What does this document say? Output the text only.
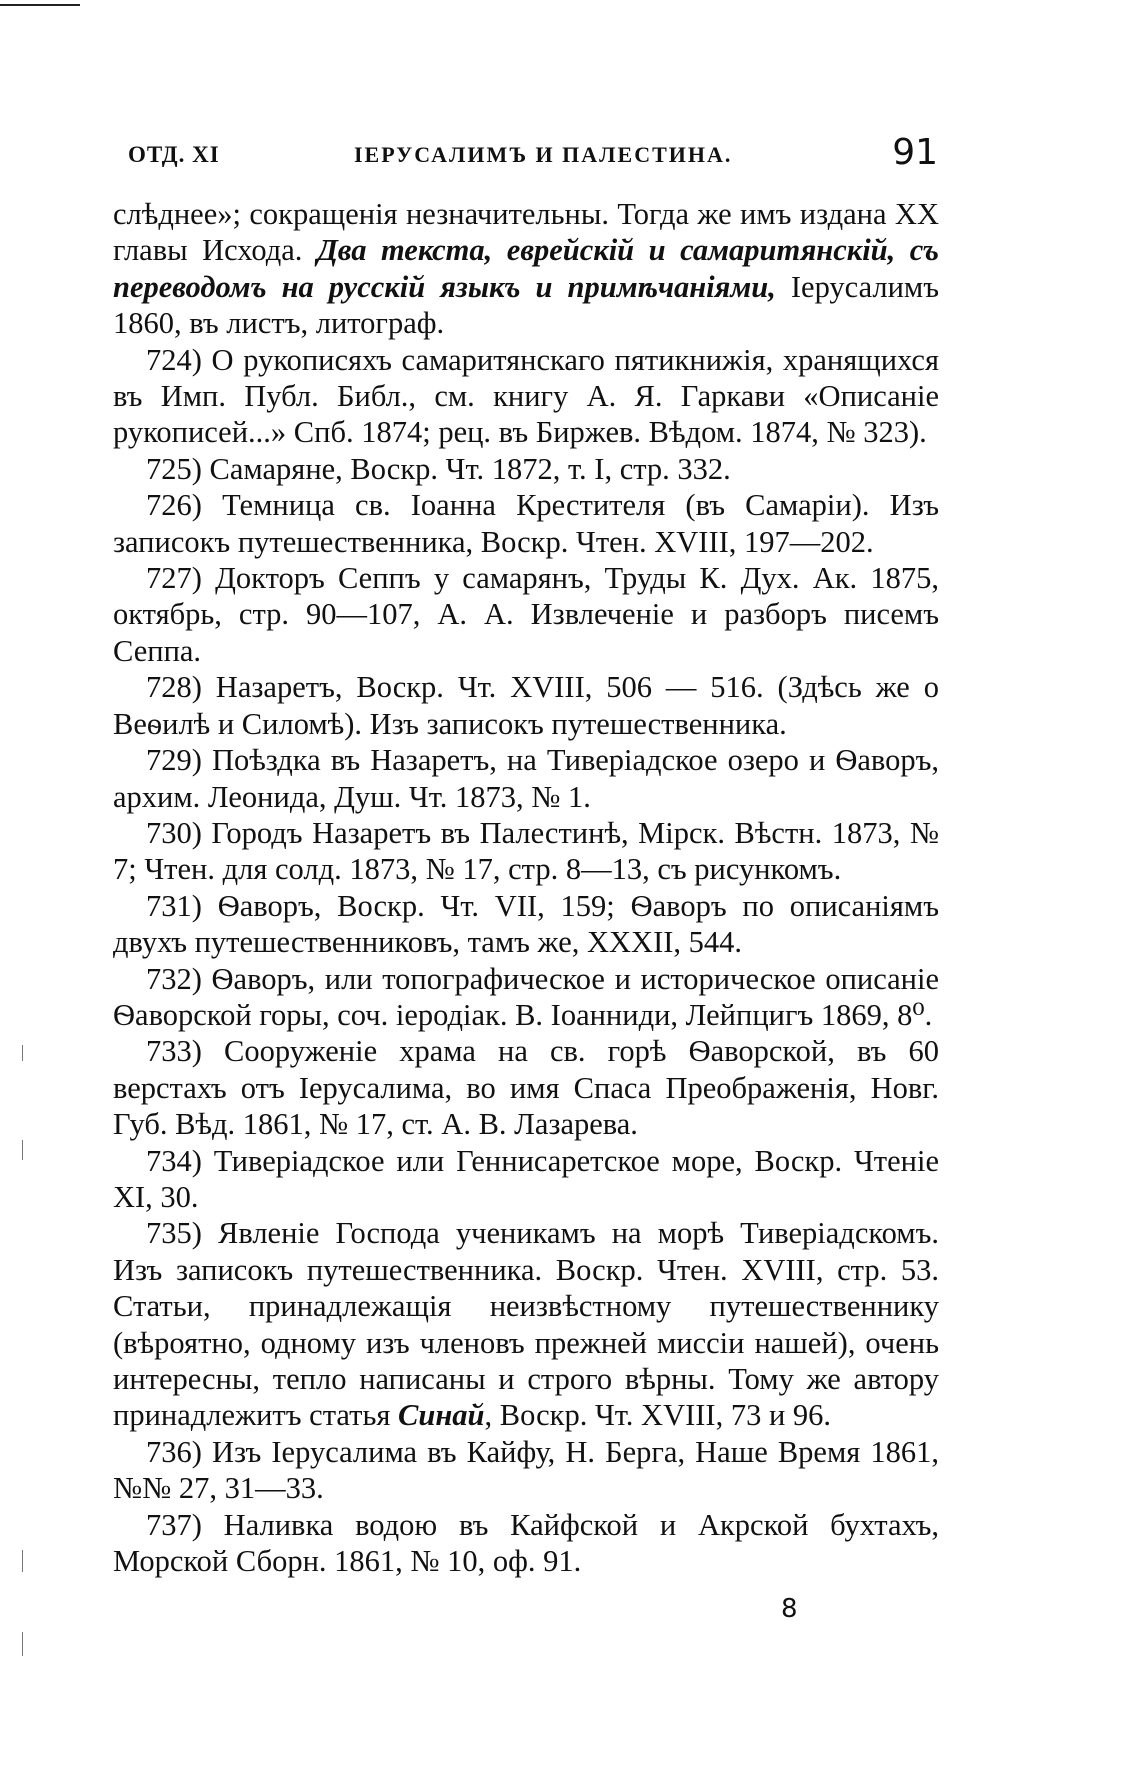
ОТД. XI	ІЕРУСАЛИМЪ И ПАЛЕСТИНА.	91

слѣднее»; сокращенія незначительны. Тогда же имъ издана XX главы Исхода. Два текста, еврейскій и самаритянскій, съ переводомъ на русскій языкъ и примѣчаніями, Іерусалимъ 1860, въ листъ, литограф.

724) О рукописяхъ самаритянскаго пятикнижія, хранящихся въ Имп. Публ. Библ., см. книгу А. Я. Гаркави «Описаніе рукописей...» Спб. 1874; рец. въ Биржев. Вѣдом. 1874, № 323).

725) Самаряне, Воскр. Чт. 1872, т. I, стр. 332.

726) Темница св. Іоанна Крестителя (въ Самаріи). Изъ записокъ путешественника, Воскр. Чтен. XVIII, 197—202.

727) Докторъ Сеппъ у самарянъ, Труды К. Дух. Ак. 1875, октябрь, стр. 90—107, А. А. Извлеченіе и разборъ писемъ Сеппа.

728) Назаретъ, Воскр. Чт. XVIII, 506 — 516. (Здѣсь же о Веѳилѣ и Силомѣ). Изъ записокъ путешественника.

729) Поѣздка въ Назаретъ, на Тиверіадское озеро и Ѳаворъ, архим. Леонида, Душ. Чт. 1873, № 1.

730) Городъ Назаретъ въ Палестинѣ, Мірск. Вѣстн. 1873, № 7; Чтен. для солд. 1873, № 17, стр. 8—13, съ рисункомъ.

731) Ѳаворъ, Воскр. Чт. VII, 159; Ѳаворъ по описаніямъ двухъ путешественниковъ, тамъ же, XXXII, 544.

732) Ѳаворъ, или топографическое и историческое описаніе Ѳаворской горы, соч. іеродіак. В. Іоанниди, Лейпцигъ 1869, 8⁰.

733) Сооруженіе храма на св. горѣ Ѳаворской, въ 60 верстахъ отъ Іерусалима, во имя Спаса Преображенія, Новг. Губ. Вѣд. 1861, № 17, ст. А. В. Лазарева.

734) Тиверіадское или Геннисаретское море, Воскр. Чтеніе XI, 30.

735) Явленіе Господа ученикамъ на морѣ Тиверіадскомъ. Изъ записокъ путешественника. Воскр. Чтен. XVIII, стр. 53. Статьи, принадлежащія неизвѣстному путешественнику (вѣроятно, одному изъ членовъ прежней миссіи нашей), очень интересны, тепло написаны и строго вѣрны. Тому же автору принадлежитъ статья Синай, Воскр. Чт. XVIII, 73 и 96.

736) Изъ Іерусалима въ Кайфу, Н. Берга, Наше Время 1861, №№ 27, 31—33.

737) Наливка водою въ Кайфской и Акрской бухтахъ, Морской Сборн. 1861, № 10, оф. 91.

8
